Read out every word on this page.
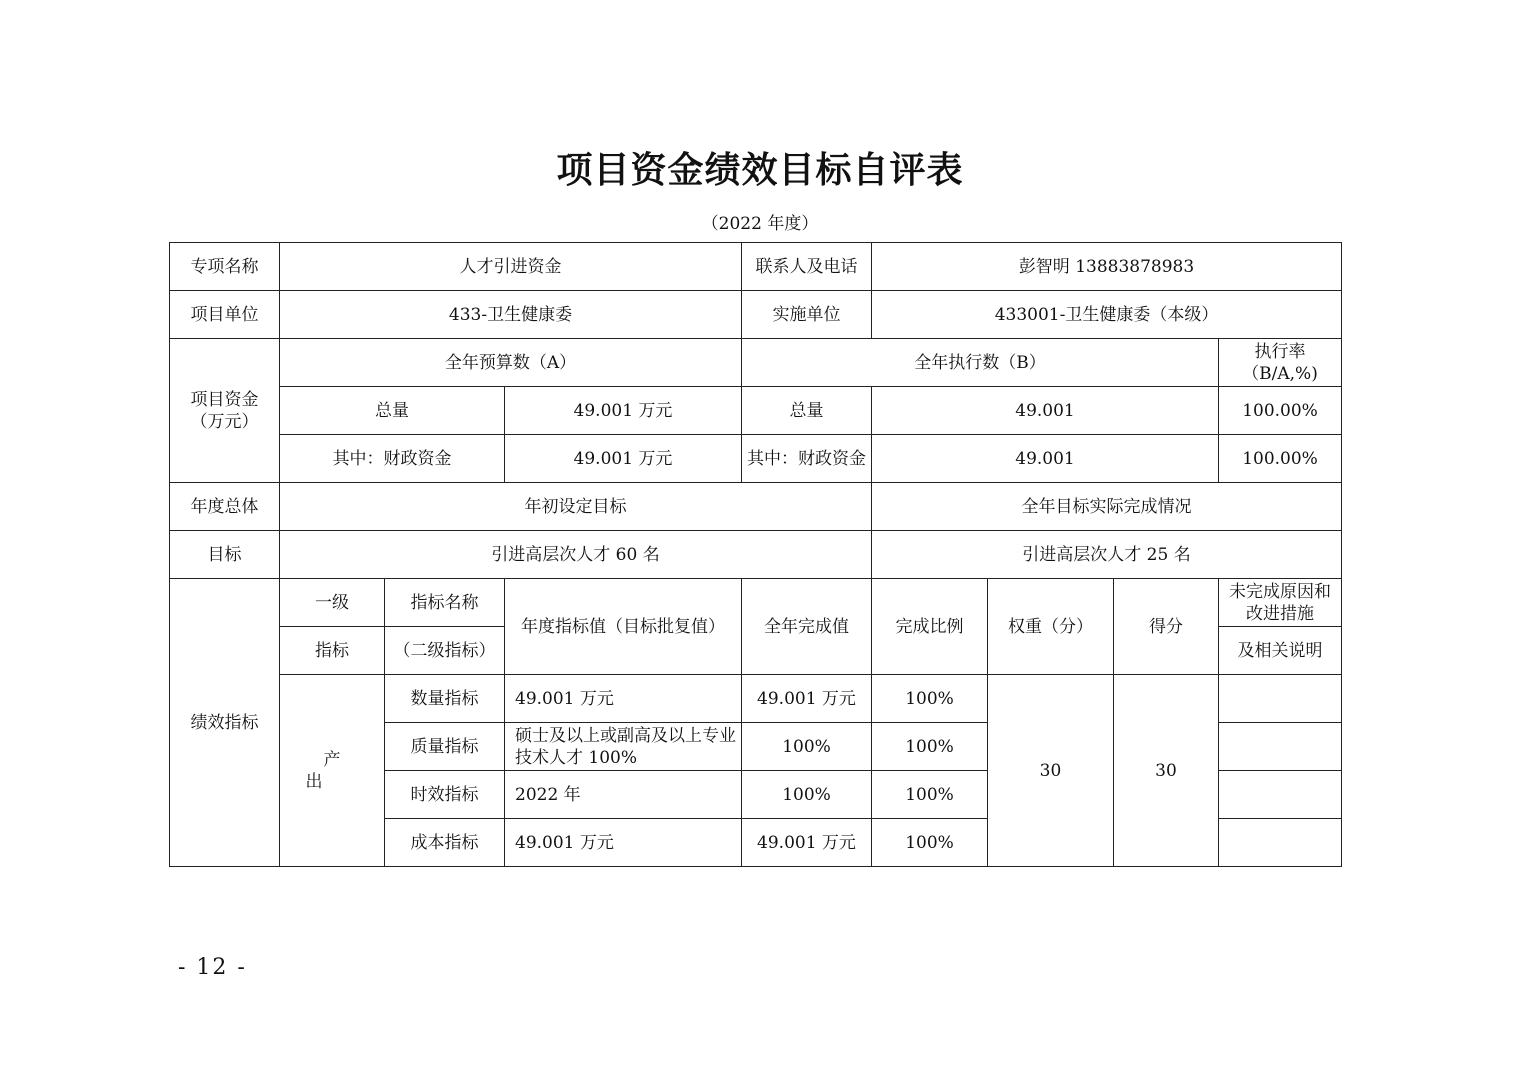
项目资金绩效目标自评表
（2022 年度）
专项名称	人才引进资金			联系人及电话	彭智明 13883878983			
项目单位	433-卫生健康委			实施单位	433001-卫生健康委（本级）			
项目资金（万元）	全年预算数（A）			全年执行数（B）				执行率（B/A,%)
	总量		49.001 万元	总量	49.001			100.00%
	其中：财政资金		49.001 万元	其中：财政资金	49.001			100.00%
年度总体	年初设定目标				全年目标实际完成情况			
目标	引进高层次人才 60 名				引进高层次人才 25 名			
绩效指标	一级	指标名称	年度指标值（目标批复值）	全年完成值	完成比例	权重（分）	得分	未完成原因和改进措施
	指标	（二级指标）						及相关说明
	产出	数量指标	49.001 万元	49.001 万元	100%	30	30	
		质量指标	硕士及以上或副高及以上专业技术人才 100%	100%	100%			
		时效指标	2022 年	100%	100%			
		成本指标	49.001 万元	49.001 万元	100%			
- 12 -
